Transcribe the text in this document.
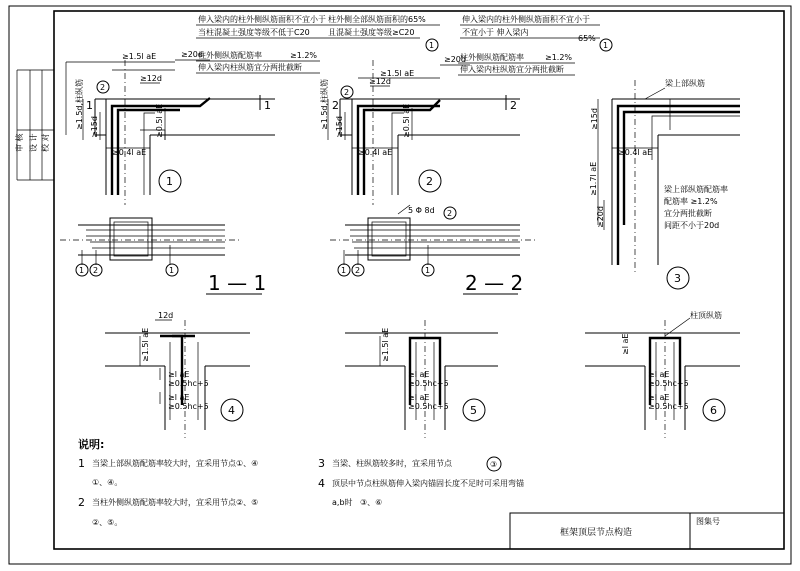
审 核 设 计 校 对
1
1
≥1.5l aE	≥20d
≥12d
≥1.5d,柱纵筋 ≥15d	≥0.5l aE
≥0.4l aE
2
1
伸入梁内的柱外侧纵筋面积不宜小于
当柱混凝土强度等级不低于C20
柱外侧全部纵筋面积的65%
且混凝土强度等级≥C20
柱外侧纵筋配筋率	≥1.2%
伸入梁内柱纵筋宜分两批截断
1
2
2
≥1.5l aE
≥20d
≥12d
≥1.5d,柱纵筋 ≥15d	≥0.5l aE
≥0.4l aE
2
2
伸入梁内的柱外侧纵筋面积不宜小于
65%
不宜小于 伸入梁内
柱外侧纵筋配筋率	≥1.2%
伸入梁内柱纵筋宜分两批截断
1
梁上部纵筋
≥15d
≥1.7l aE
≥20d
≥0.4l aE
梁上部纵筋配筋率
配筋率 ≥1.2%
宜分两批截断
间距不小于20d
3
1 2	1
1 — 1
5 Φ 8d 2
1 2	1
2 — 2
12d
≥1.5l aE
≥l aE
≥0.5hc+5
≥l aE
≥0.5hc+5 4
≥1.5l aE
≥l aE
≥0.5hc+5
≥l aE
≥0.5hc+5 5
柱顶纵筋
≥l aE
≥l aE
≥0.5hc+5
≥l aE
≥0.5hc+5 6
说明:
1 当梁上部纵筋配筋率较大时，宜采用节点①、④
①、④。
2 当柱外侧纵筋配筋率较大时，宜采用节点②、⑤
②、⑤。
3 当梁、柱纵筋较多时，宜采用节点	③
4 顶层中节点柱纵筋伸入梁内锚固长度不足时可采用弯锚
a,b时 ③、⑥
框架顶层节点构造
图集号
